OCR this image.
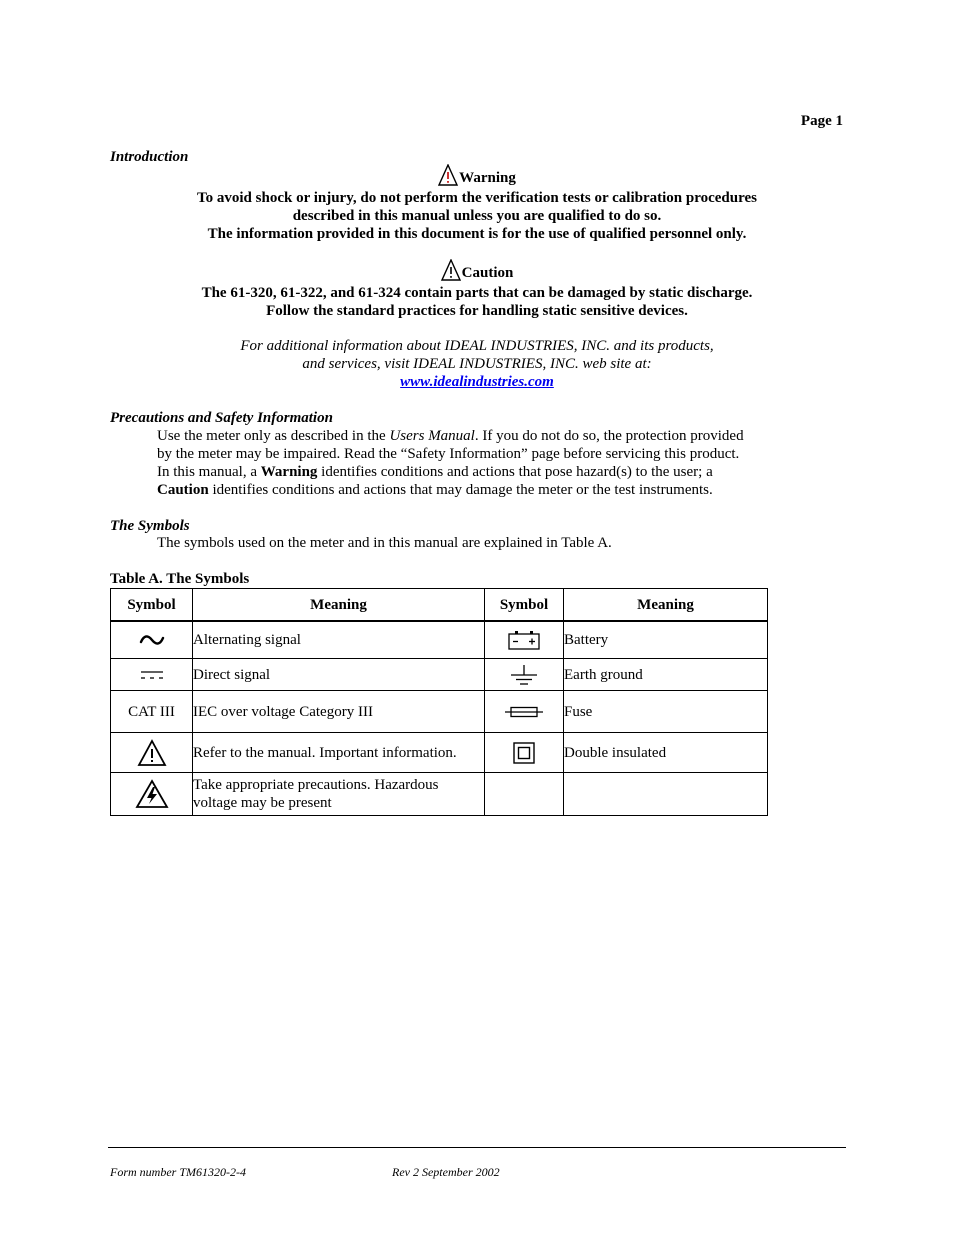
Page 1
Introduction
Warning
To avoid shock or injury, do not perform the verification tests or calibration procedures
described in this manual unless you are qualified to do so.
The information provided in this document is for the use of qualified personnel only.
Caution
The 61-320, 61-322, and 61-324 contain parts that can be damaged by static discharge.
Follow the standard practices for handling static sensitive devices.
For additional information about IDEAL INDUSTRIES, INC. and its products,
and services, visit IDEAL INDUSTRIES, INC. web site at:
www.idealindustries.com
Precautions and Safety Information
Use the meter only as described in the Users Manual. If you do not do so, the protection provided
by the meter may be impaired. Read the “Safety Information” page before servicing this product.
In this manual, a Warning identifies conditions and actions that pose hazard(s) to the user; a
Caution identifies conditions and actions that may damage the meter or the test instruments.
The Symbols
The symbols used on the meter and in this manual are explained in Table A.
Table A. The Symbols
Symbol	Meaning	Symbol	Meaning

	Alternating signal		Battery

	Direct signal		Earth ground
CAT III	IEC over voltage Category III		Fuse

	Refer to the manual. Important information.		Double insulated

Take appropriate precautions. Hazardous
voltage may be present		

Form number TM61320-2-4	Rev 2 September 2002
